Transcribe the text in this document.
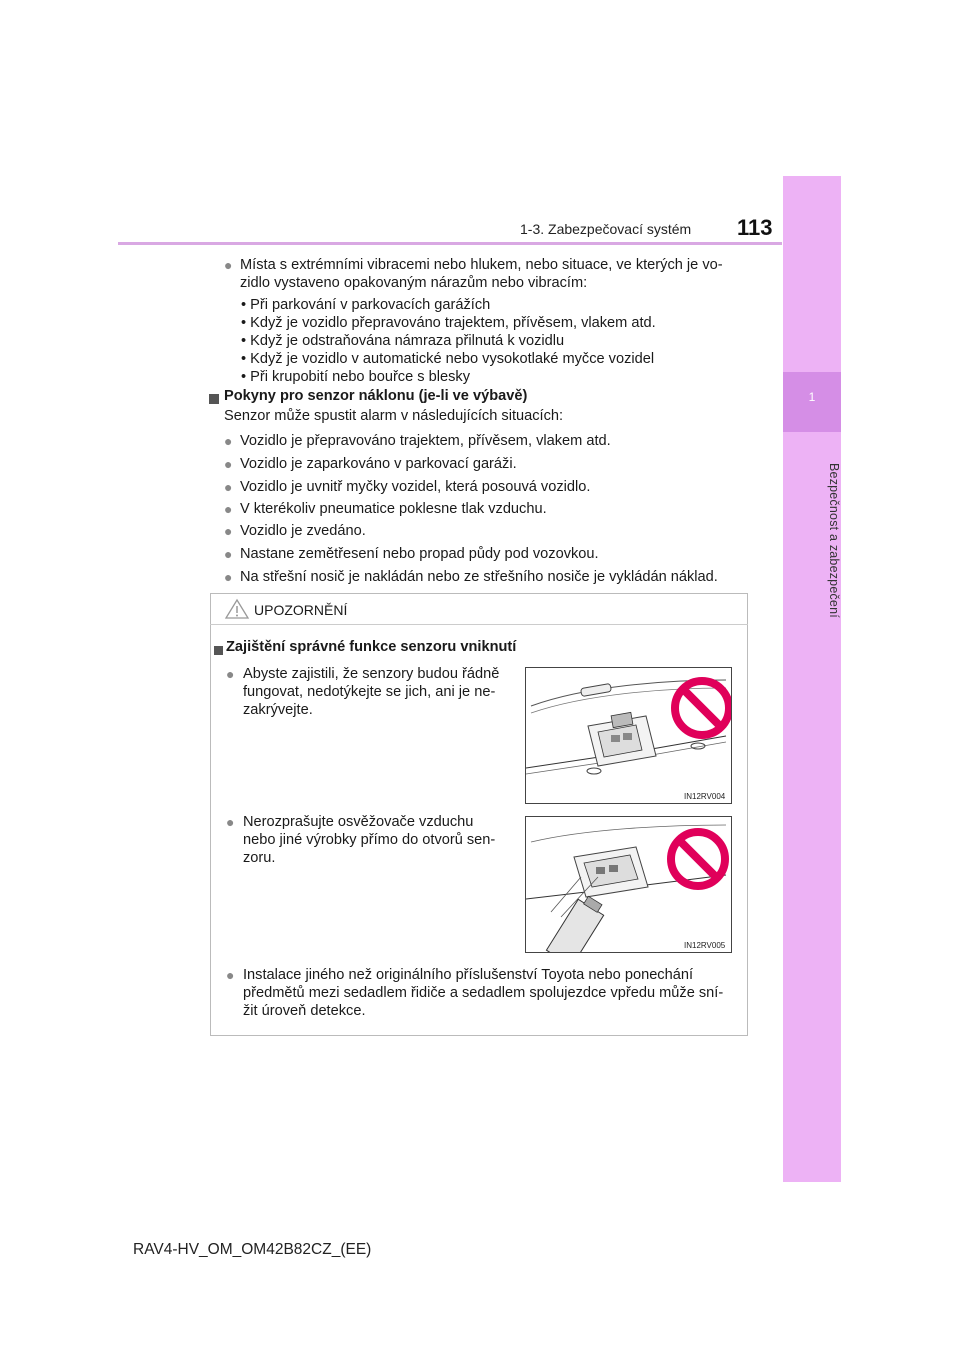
1-3. Zabezpečovací systém 113
1
Bezpečnost a zabezpečení
● Místa s extrémními vibracemi nebo hlukem, nebo situace, ve kterých je vo-
zidlo vystaveno opakovaným nárazům nebo vibracím:
• Při parkování v parkovacích garážích
• Když je vozidlo přepravováno trajektem, přívěsem, vlakem atd.
• Když je odstraňována námraza přilnutá k vozidlu
• Když je vozidlo v automatické nebo vysokotlaké myčce vozidel
• Při krupobití nebo bouřce s blesky
Pokyny pro senzor náklonu (je-li ve výbavě)
Senzor může spustit alarm v následujících situacích:
● Vozidlo je přepravováno trajektem, přívěsem, vlakem atd.
● Vozidlo je zaparkováno v parkovací garáži.
● Vozidlo je uvnitř myčky vozidel, která posouvá vozidlo.
● V kterékoliv pneumatice poklesne tlak vzduchu.
● Vozidlo je zvedáno.
● Nastane zemětřesení nebo propad půdy pod vozovkou.
● Na střešní nosič je nakládán nebo ze střešního nosiče je vykládán náklad.
UPOZORNĚNÍ
Zajištění správné funkce senzoru vniknutí
● Abyste zajistili, že senzory budou řádně
fungovat, nedotýkejte se jich, ani je ne-
zakrývejte.
IN12RV004
● Nerozprašujte osvěžovače vzduchu
nebo jiné výrobky přímo do otvorů sen-
zoru.
IN12RV005
● Instalace jiného než originálního příslušenství Toyota nebo ponechání
předmětů mezi sedadlem řidiče a sedadlem spolujezdce vpředu může sní-
žit úroveň detekce.
RAV4-HV_OM_OM42B82CZ_(EE)
